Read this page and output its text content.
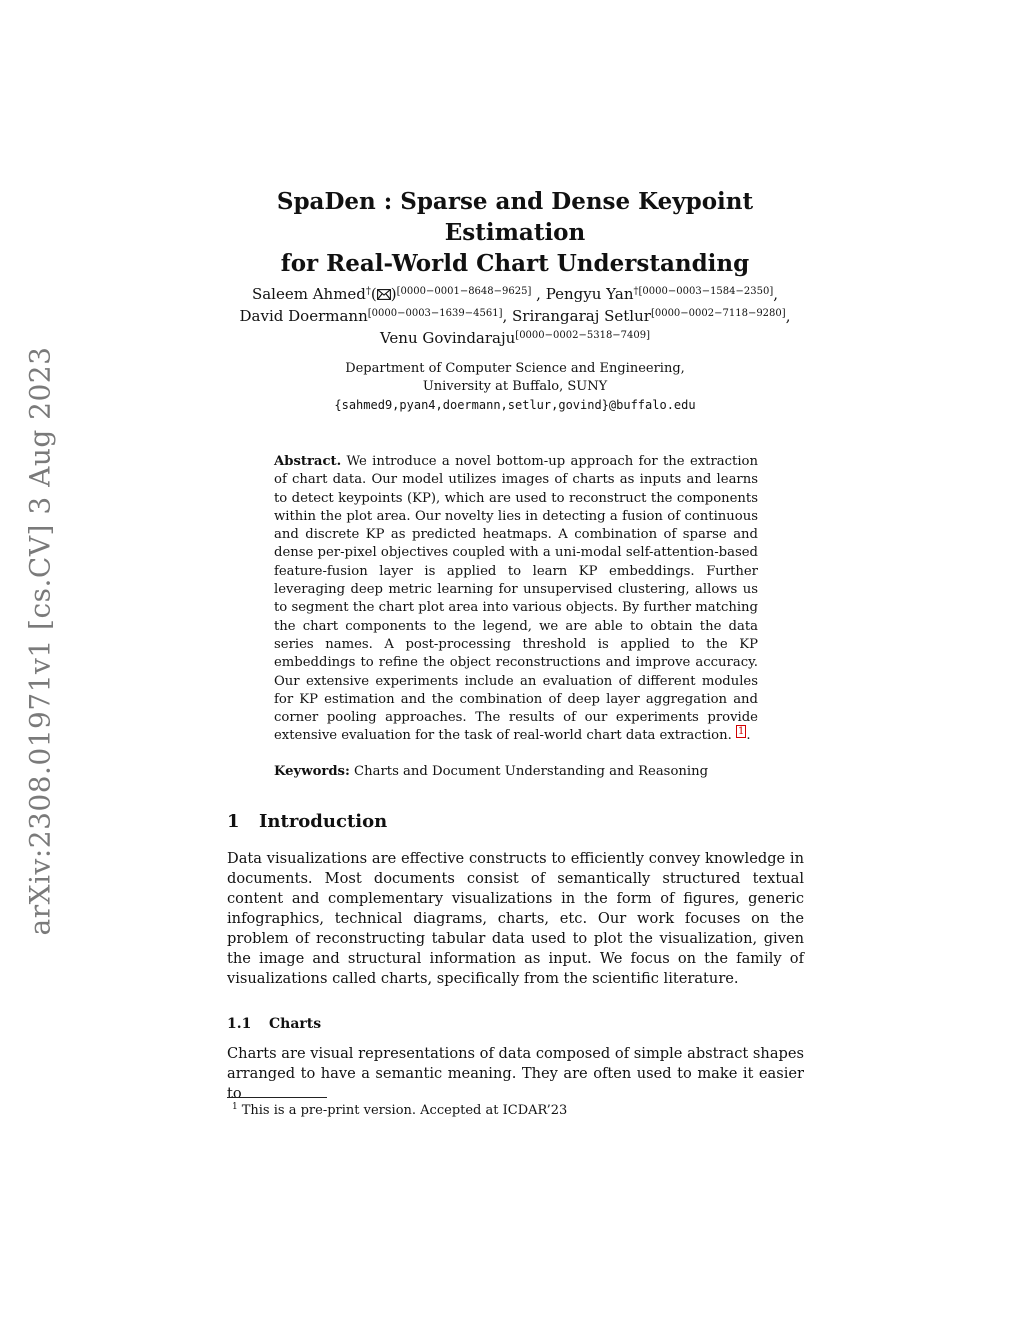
arXiv:2308.01971v1 [cs.CV] 3 Aug 2023
SpaDen : Sparse and Dense Keypoint Estimation
for Real-World Chart Understanding
Saleem Ahmed†( )[0000−0001−8648−9625] , Pengyu Yan$^{\dagger[0000-0003-1584-2350]}$,
David Doermann[0000−0003−1639−4561], Srirangaraj Setlur[0000−0002−7118−9280],
Venu Govindaraju[0000−0002−5318−7409]
Department of Computer Science and Engineering,
University at Buffalo, SUNY
{sahmed9,pyan4,doermann,setlur,govind}@buffalo.edu
Abstract. We introduce a novel bottom-up approach for the extraction of chart data. Our model utilizes images of charts as inputs and learns to detect keypoints (KP), which are used to reconstruct the components within the plot area. Our novelty lies in detecting a fusion of continuous and discrete KP as predicted heatmaps. A combination of sparse and dense per-pixel objectives coupled with a uni-modal self-attention-based feature-fusion layer is applied to learn KP embeddings. Further leveraging deep metric learning for unsupervised clustering, allows us to segment the chart plot area into various objects. By further matching the chart components to the legend, we are able to obtain the data series names. A post-processing threshold is applied to the KP embeddings to refine the object reconstructions and improve accuracy. Our extensive experiments include an evaluation of different modules for KP estimation and the combination of deep layer aggregation and corner pooling approaches. The results of our experiments provide extensive evaluation for the task of real-world chart data extraction. $^1$ .
Keywords: Charts and Document Understanding and Reasoning
1 Introduction
Data visualizations are effective constructs to efficiently convey knowledge in documents. Most documents consist of semantically structured textual content and complementary visualizations in the form of figures, generic infographics, technical diagrams, charts, etc. Our work focuses on the problem of reconstructing tabular data used to plot the visualization, given the image and structural information as input. We focus on the family of visualizations called charts, specifically from the scientific literature.
1.1 Charts
Charts are visual representations of data composed of simple abstract shapes arranged to have a semantic meaning. They are often used to make it easier to
$^1$ This is a pre-print version. Accepted at ICDAR’23
